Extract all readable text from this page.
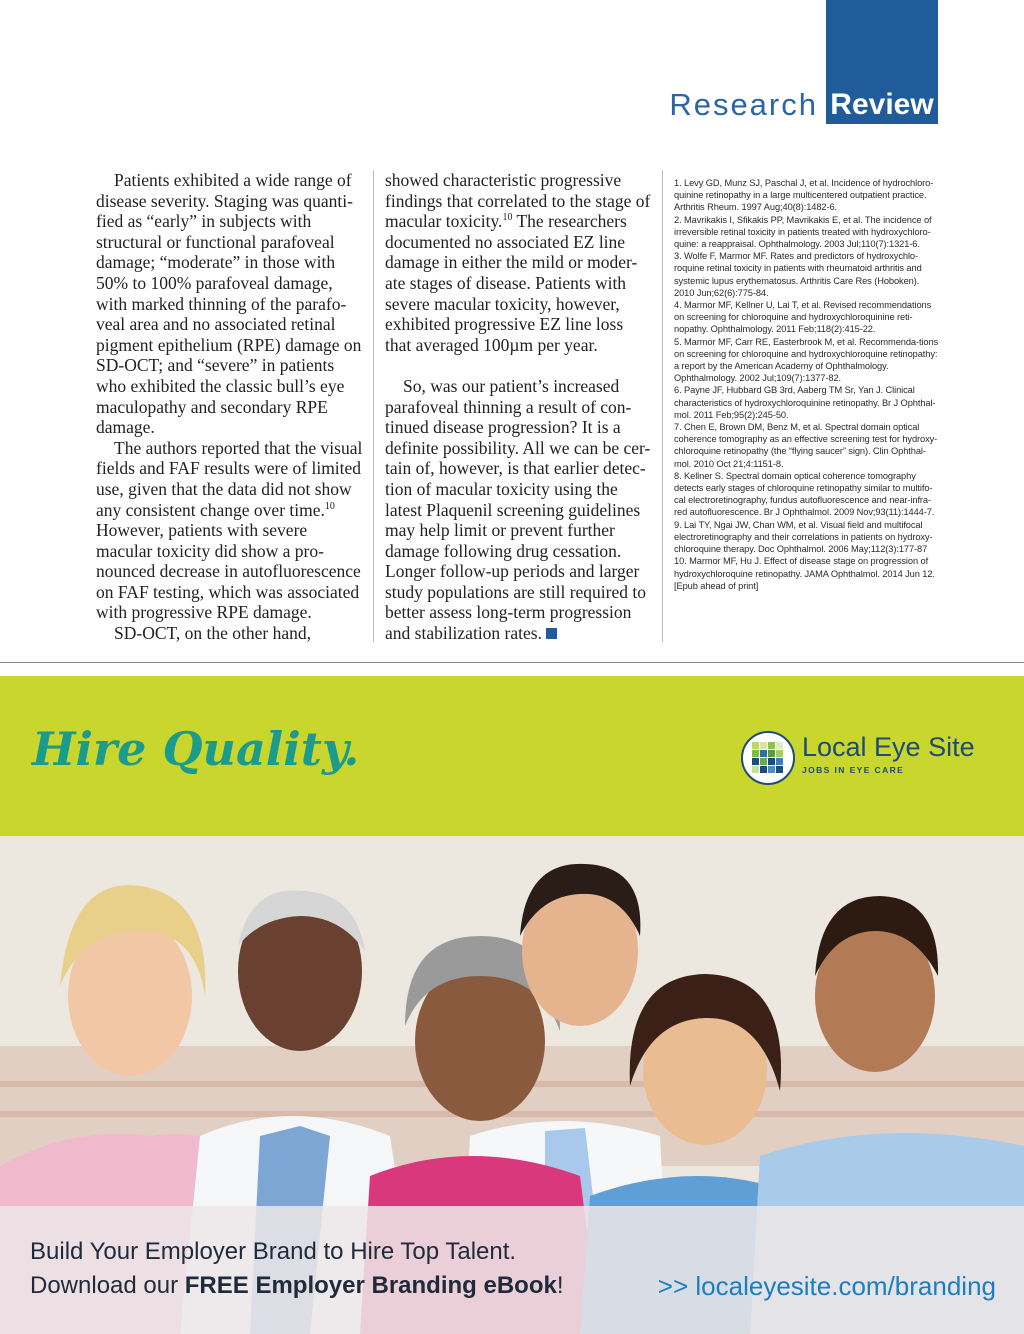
Research Review

Patients exhibited a wide range of disease severity. Staging was quanti-fied as “early” in subjects with structural or functional parafoveal damage; “moderate” in those with 50% to 100% parafoveal damage, with marked thinning of the parafo-veal area and no associated retinal pigment epithelium (RPE) damage on SD-OCT; and “severe” in patients who exhibited the classic bull’s eye maculopathy and secondary RPE damage.

The authors reported that the visual fields and FAF results were of limited use, given that the data did not show any consistent change over time.$^{10}$ However, patients with severe macular toxicity did show a pro-nounced decrease in autofluorescence on FAF testing, which was associated with progressive RPE damage.

SD-OCT, on the other hand,

showed characteristic progressive findings that correlated to the stage of macular toxicity.$^{10}$ The researchers documented no associated EZ line damage in either the mild or moder-ate stages of disease. Patients with severe macular toxicity, however, exhibited progressive EZ line loss that averaged 100µm per year.

So, was our patient’s increased parafoveal thinning a result of con-tinued disease progression? It is a definite possibility. All we can be cer-tain of, however, is that earlier detec-tion of macular toxicity using the latest Plaquenil screening guidelines may help limit or prevent further damage following drug cessation. Longer follow-up periods and larger study populations are still required to better assess long-term progression and stabilization rates.

1. Levy GD, Munz SJ, Paschal J, et al. Incidence of hydrochloro-quinine retinopathy in a large multicentered outpatient practice. Arthritis Rheum. 1997 Aug;40(8):1482-6.
2. Mavrikakis I, Sfikakis PP, Mavrikakis E, et al. The incidence of irreversible retinal toxicity in patients treated with hydroxychloro-quine: a reappraisal. Ophthalmology. 2003 Jul;110(7):1321-6.
3. Wolfe F, Marmor MF. Rates and predictors of hydroxychlo-roquine retinal toxicity in patients with rheumatoid arthritis and systemic lupus erythematosus. Arthritis Care Res (Hoboken). 2010 Jun;62(6):775-84.
4. Marmor MF, Kellner U, Lai T, et al. Revised recommendations on screening for chloroquine and hydroxychloroquinine reti-nopathy. Ophthalmology. 2011 Feb;118(2):415-22.
5. Marmor MF, Carr RE, Easterbrook M, et al. Recommenda-tions on screening for chloroquine and hydroxychloroquine retinopathy: a report by the American Academy of Ophthalmology. Ophthalmology. 2002 Jul;109(7):1377-82.
6. Payne JF, Hubbard GB 3rd, Aaberg TM Sr, Yan J. Clinical characteristics of hydroxychloroquinine retinopathy. Br J Ophthal-mol. 2011 Feb;95(2):245-50.
7. Chen E, Brown DM, Benz M, et al. Spectral domain optical coherence tomography as an effective screening test for hydroxy-chloroquine retinopathy (the “flying saucer” sign). Clin Ophthal-mol. 2010 Oct 21;4:1151-8.
8. Kellner S. Spectral domain optical coherence tomography detects early stages of chloroquine retinopathy similar to multifo-cal electroretinography, fundus autofluorescence and near-infra-red autofluorescence. Br J Ophthalmol. 2009 Nov;93(11):1444-7.
9. Lai TY, Ngai JW, Chan WM, et al. Visual field and multifocal electroretinography and their correlations in patients on hydroxy-chloroquine therapy. Doc Ophthalmol. 2006 May;112(3):177-87
10. Marmor MF, Hu J. Effect of disease stage on progression of hydroxychloroquine retinopathy. JAMA Ophthalmol. 2014 Jun 12. [Epub ahead of print]
Hire Quality.	Local Eye Site
JOBS IN EYE CARE
Build Your Employer Brand to Hire Top Talent.
Download our FREE Employer Branding eBook!	>> localeyesite.com/branding
